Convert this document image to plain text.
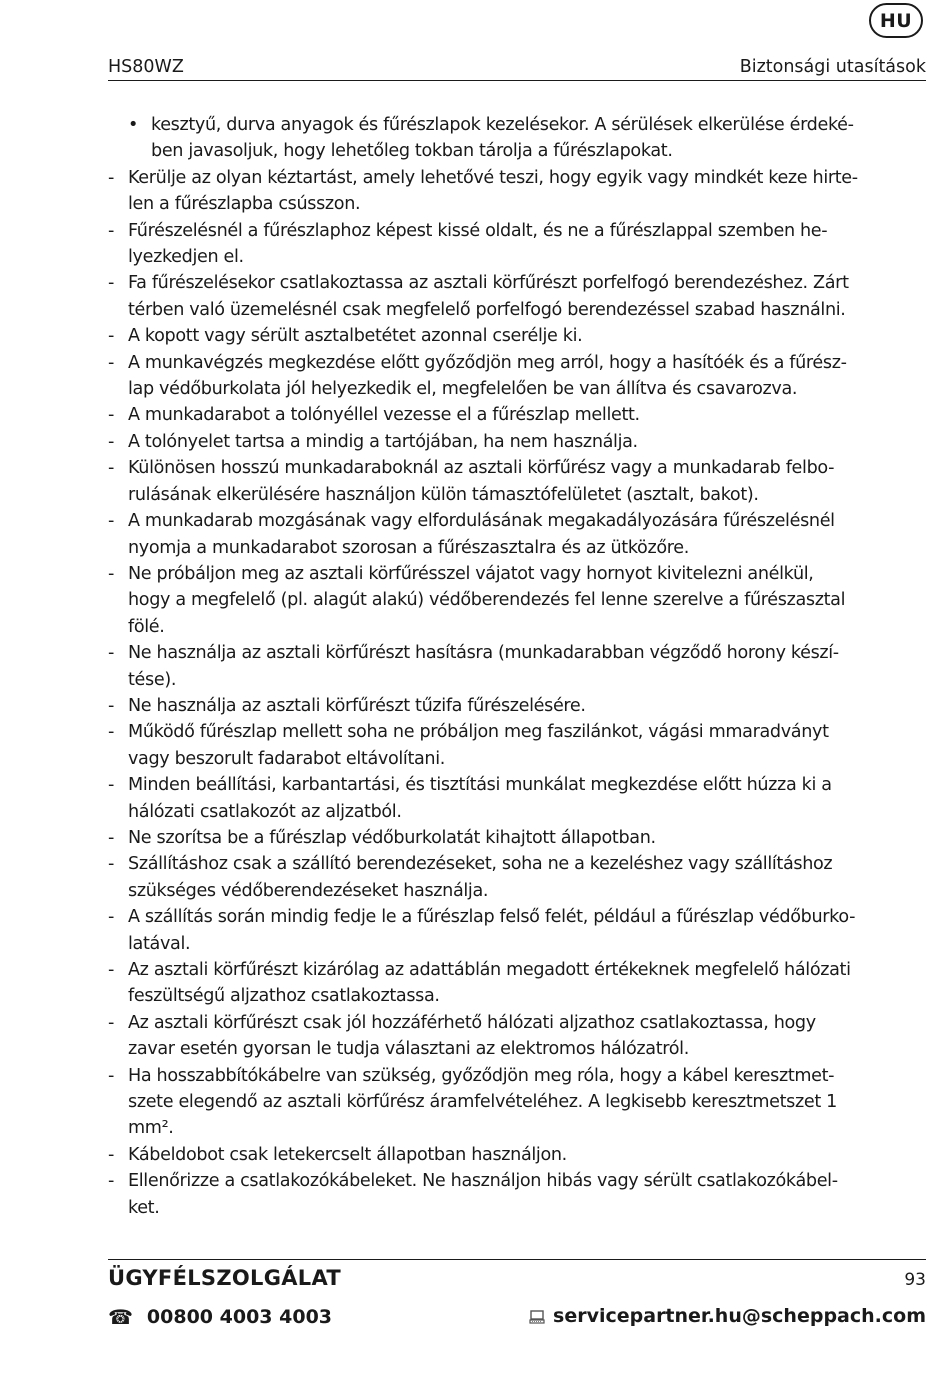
HU
HS80WZ	Biztonsági utasítások
• kesztyű, durva anyagok és fűrészlapok kezelésekor. A sérülések elkerülése érdeké-
ben javasoljuk, hogy lehetőleg tokban tárolja a fűrészlapokat.
- Kerülje az olyan kéztartást, amely lehetővé teszi, hogy egyik vagy mindkét keze hirte-
len a fűrészlapba csússzon.
- Fűrészelésnél a fűrészlaphoz képest kissé oldalt, és ne a fűrészlappal szemben he-
lyezkedjen el.
- Fa fűrészelésekor csatlakoztassa az asztali körfűrészt porfelfogó berendezéshez. Zárt
térben való üzemelésnél csak megfelelő porfelfogó berendezéssel szabad használni.
- A kopott vagy sérült asztalbetétet azonnal cserélje ki.
- A munkavégzés megkezdése előtt győződjön meg arról, hogy a hasítóék és a fűrész-
lap védőburkolata jól helyezkedik el, megfelelően be van állítva és csavarozva.
- A munkadarabot a tolónyéllel vezesse el a fűrészlap mellett.
- A tolónyelet tartsa a mindig a tartójában, ha nem használja.
- Különösen hosszú munkadaraboknál az asztali körfűrész vagy a munkadarab felbo-
rulásának elkerülésére használjon külön támasztófelületet (asztalt, bakot).
- A munkadarab mozgásának vagy elfordulásának megakadályozására fűrészelésnél
nyomja a munkadarabot szorosan a fűrészasztalra és az ütközőre.
- Ne próbáljon meg az asztali körfűrésszel vájatot vagy hornyot kivitelezni anélkül,
hogy a megfelelő (pl. alagút alakú) védőberendezés fel lenne szerelve a fűrészasztal
fölé.
- Ne használja az asztali körfűrészt hasításra (munkadarabban végződő horony készí-
tése).
- Ne használja az asztali körfűrészt tűzifa fűrészelésére.
- Működő fűrészlap mellett soha ne próbáljon meg faszilánkot, vágási mmaradványt
vagy beszorult fadarabot eltávolítani.
- Minden beállítási, karbantartási, és tisztítási munkálat megkezdése előtt húzza ki a
hálózati csatlakozót az aljzatból.
- Ne szorítsa be a fűrészlap védőburkolatát kihajtott állapotban.
- Szállításhoz csak a szállító berendezéseket, soha ne a kezeléshez vagy szállításhoz
szükséges védőberendezéseket használja.
- A szállítás során mindig fedje le a fűrészlap felső felét, például a fűrészlap védőburko-
latával.
- Az asztali körfűrészt kizárólag az adattáblán megadott értékeknek megfelelő hálózati
feszültségű aljzathoz csatlakoztassa.
- Az asztali körfűrészt csak jól hozzáférhető hálózati aljzathoz csatlakoztassa, hogy
zavar esetén gyorsan le tudja választani az elektromos hálózatról.
- Ha hosszabbítókábelre van szükség, győződjön meg róla, hogy a kábel keresztmet-
szete elegendő az asztali körfűrész áramfelvételéhez. A legkisebb keresztmetszet 1
mm².
- Kábeldobot csak letekercselt állapotban használjon.
- Ellenőrizze a csatlakozókábeleket. Ne használjon hibás vagy sérült csatlakozókábel-
ket.
ÜGYFÉLSZOLGÁLAT	93
☎ 00800 4003 4003	servicepartner.hu@scheppach.com
